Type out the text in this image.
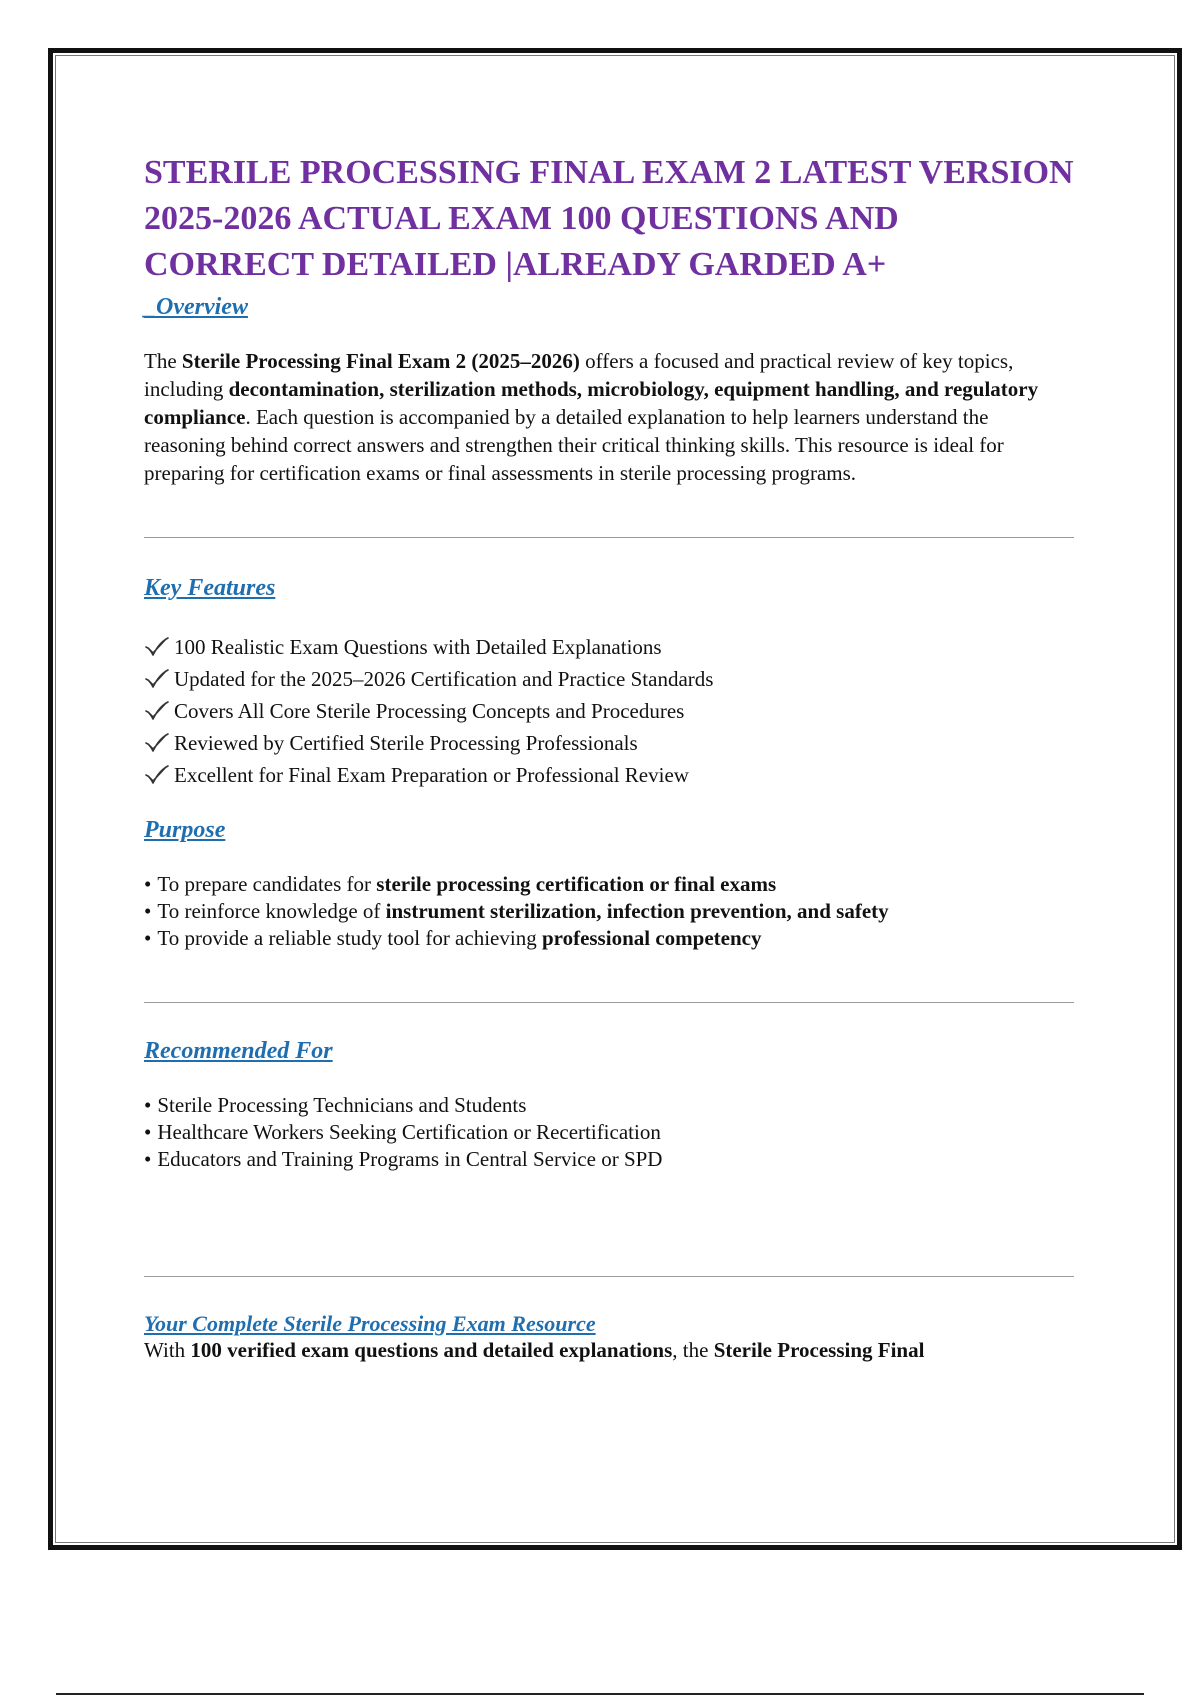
STERILE PROCESSING FINAL EXAM 2 LATEST VERSION 2025-2026 ACTUAL EXAM 100 QUESTIONS AND CORRECT DETAILED |ALREADY GARDED A+
_Overview

The Sterile Processing Final Exam 2 (2025–2026) offers a focused and practical review of key topics, including decontamination, sterilization methods, microbiology, equipment handling, and regulatory compliance. Each question is accompanied by a detailed explanation to help learners understand the reasoning behind correct answers and strengthen their critical thinking skills. This resource is ideal for preparing for certification exams or final assessments in sterile processing programs.

Key Features
100 Realistic Exam Questions with Detailed Explanations
Updated for the 2025–2026 Certification and Practice Standards
Covers All Core Sterile Processing Concepts and Procedures
Reviewed by Certified Sterile Processing Professionals
Excellent for Final Exam Preparation or Professional Review
Purpose
• To prepare candidates for sterile processing certification or final exams
• To reinforce knowledge of instrument sterilization, infection prevention, and safety
• To provide a reliable study tool for achieving professional competency
Recommended For
• Sterile Processing Technicians and Students
• Healthcare Workers Seeking Certification or Recertification
• Educators and Training Programs in Central Service or SPD
Your Complete Sterile Processing Exam Resource

With 100 verified exam questions and detailed explanations, the Sterile Processing Final
